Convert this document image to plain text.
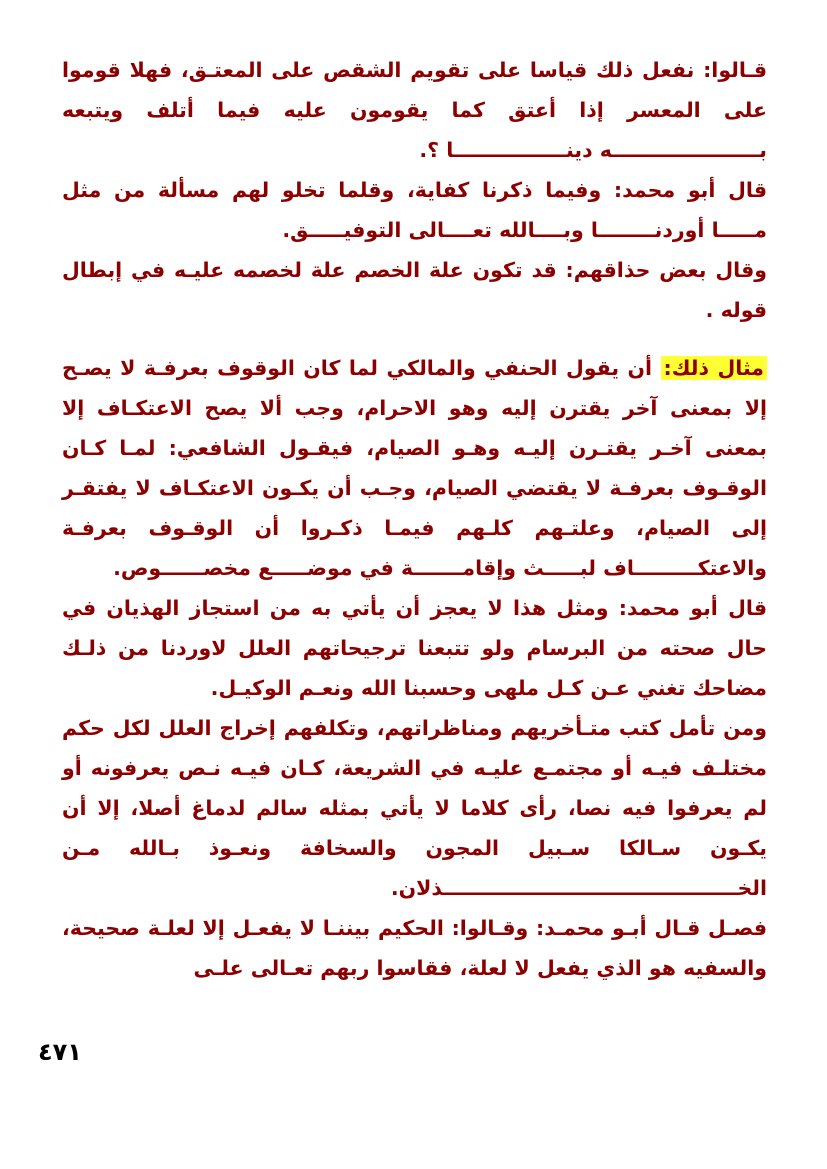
قـالوا: نفعل ذلك قياسا على تقويم الشقص على المعتـق، فهلا قوموا على المعسر إذا أعتق كما يقومون عليه فيما أتلف ويتبعه بـــــــــــــــــــــه دينــــــــــــــــا ؟.

قال أبو محمد: وفيما ذكرنا كفاية، وقلما تخلو لهم مسألة من مثل مـــــا أوردنــــــــا وبــــالله تعــــالى التوفيـــــق.

وقال بعض حذاقهم: قد تكون علة الخصم علة لخصمه عليـه في إبطال قوله .

مثال ذلك: أن يقول الحنفي والمالكي لما كان الوقوف بعرفـة لا يصـح إلا بمعنى آخر يقترن إليه وهو الاحرام، وجب ألا يصح الاعتكـاف إلا بمعنى آخـر يقتـرن إليـه وهـو الصيام، فيقـول الشافعي: لمـا كـان الوقـوف بعرفـة لا يقتضي الصيام، وجـب أن يكـون الاعتكـاف لا يفتقـر إلى الصيام، وعلتـهم كلـهم فيمـا ذكـروا أن الوقـوف بعرفـة والاعتكـــــــــاف لبـــــث وإقامـــــــة في موضـــــع مخصــــــوص.

قال أبو محمد: ومثل هذا لا يعجز أن يأتي به من استجاز الهذيان في حال صحته من البرسام ولو تتبعنا ترجيحاتهم العلل لاوردنا من ذلـك مضاحك تغني عـن كـل ملهى وحسبنا الله ونعـم الوكيـل.

ومن تأمل كتب متـأخريهم ومناظراتهم، وتكلفهم إخراج العلل لكل حكم مختلـف فيـه أو مجتمـع عليـه في الشريعة، كـان فيـه نـص يعرفونه أو لم يعرفوا فيه نصا، رأى كلاما لا يأتي بمثله سالم لدماغ أصلا، إلا أن يكـون سـالكا سـبيل المجون والسخافة ونعـوذ بـالله مـن الخــــــــــــــــــــــــــــــــــــــــــذلان.

فصـل قـال أبـو محمـد: وقـالوا: الحكيم بيننـا لا يفعـل إلا لعلـة صحيحة، والسفيه هو الذي يفعل لا لعلة، فقاسوا ربهم تعـالى علـى

٤٧١
